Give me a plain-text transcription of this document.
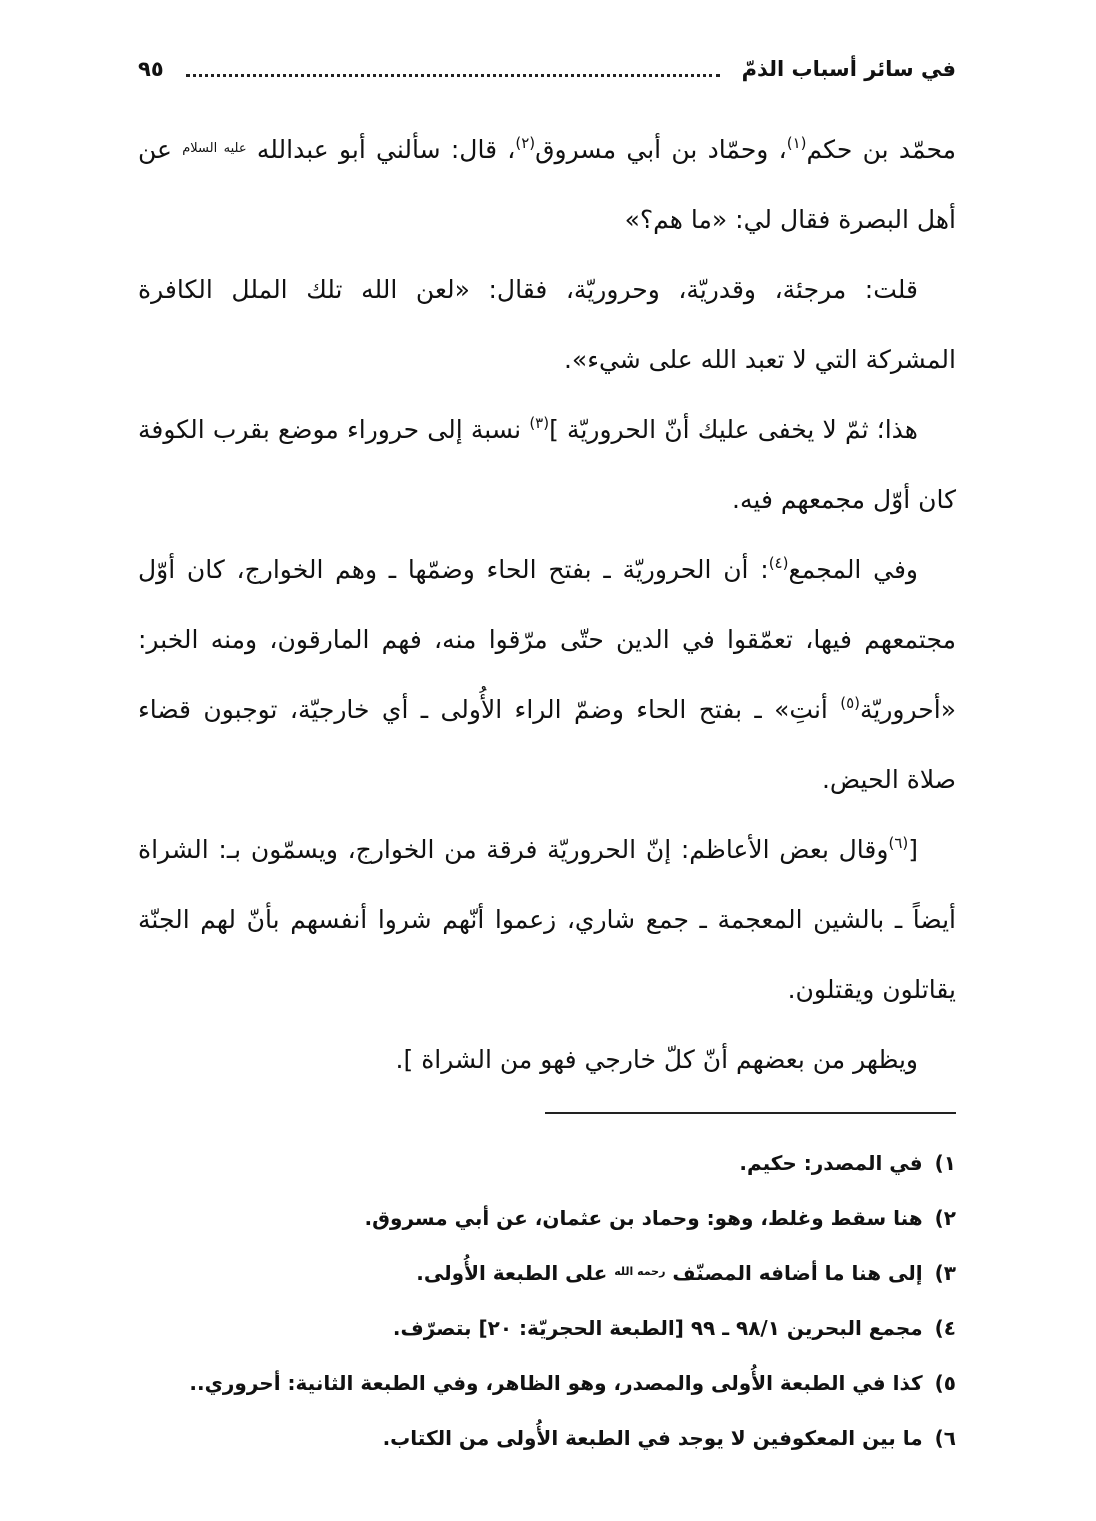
في سائر أسباب الذمّ
٩٥

محمّد بن حكم$^{(١)}$، وحمّاد بن أبي مسروق$^{(٢)}$، قال: سألني أبو عبدالله $^{عليه السلام}$ عن أهل البصرة فقال لي: «ما هم؟»

قلت: مرجئة، وقدريّة، وحروريّة، فقال: «لعن الله تلك الملل الكافرة المشركة التي لا تعبد الله على شيء».

هذا؛ ثمّ لا يخفى عليك أنّ الحروريّة ]$^{(٣)}$ نسبة إلى حروراء موضع بقرب الكوفة كان أوّل مجمعهم فيه.

وفي المجمع$^{(٤)}$: أن الحروريّة ـ بفتح الحاء وضمّها ـ وهم الخوارج، كان أوّل مجتمعهم فيها، تعمّقوا في الدين حتّى مرّقوا منه، فهم المارقون، ومنه الخبر: «أحروريّة$^{(٥)}$ أنتِ» ـ بفتح الحاء وضمّ الراء الأُولى ـ أي خارجيّة، توجبون قضاء صلاة الحيض.

[$^{(٦)}$وقال بعض الأعاظم: إنّ الحروريّة فرقة من الخوارج، ويسمّون بـ: الشراة أيضاً ـ بالشين المعجمة ـ جمع شاري، زعموا أنّهم شروا أنفسهم بأنّ لهم الجنّة يقاتلون ويقتلون.

ويظهر من بعضهم أنّ كلّ خارجي فهو من الشراة ].

١)في المصدر: حكيم.
٢)هنا سقط وغلط، وهو: وحماد بن عثمان، عن أبي مسروق.
٣)إلى هنا ما أضافه المصنّف $^{رحمه الله}$ على الطبعة الأُولى.
٤)مجمع البحرين ٩٨/١ ـ ٩٩ [الطبعة الحجريّة: ٢٠] بتصرّف.
٥)كذا في الطبعة الأُولى والمصدر، وهو الظاهر، وفي الطبعة الثانية: أحروري..
٦)ما بين المعكوفين لا يوجد في الطبعة الأُولى من الكتاب.
